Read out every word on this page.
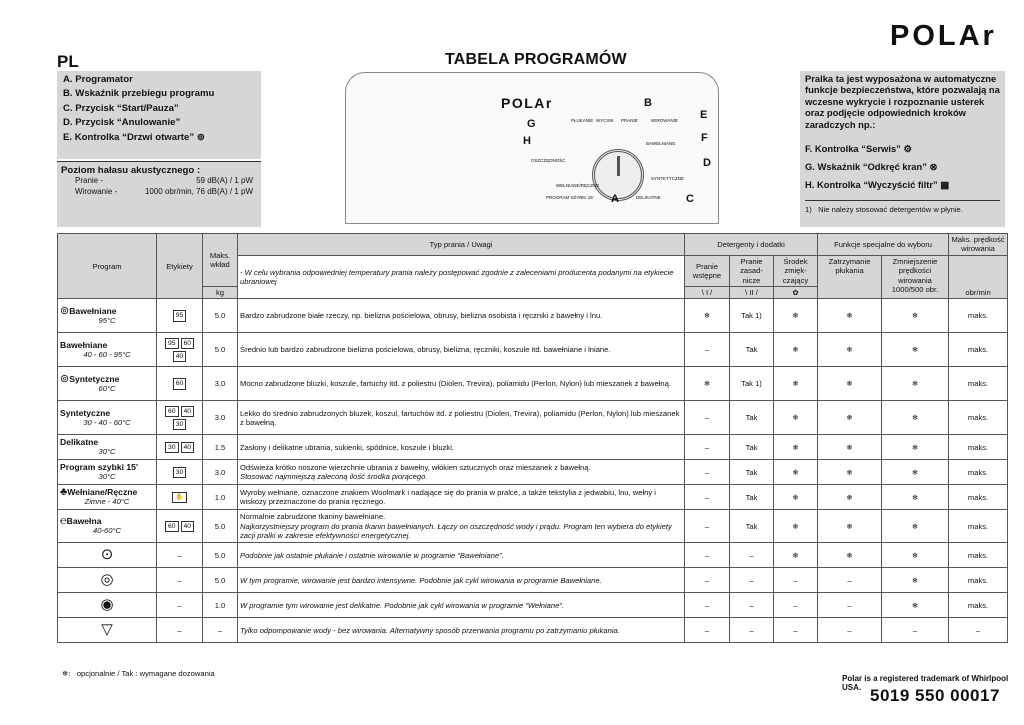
PL	TABELA PROGRAMÓW
POLAr
A. Programator
B. Wskaźnik przebiegu programu
C. Przycisk “Start/Pauza”
D. Przycisk “Anulowanie”
E. Kontrolka “Drzwi otwarte” ⊚
Poziom hałasu akustycznego :
Pranie -	59 dB(A) / 1 pW
Wirowanie -	1000 obr/min, 76 dB(A) / 1 pW
POLAr
G
B
E
F
H
D
A	C
PŁUKANIE WYCISK PRANIE	WIROWANIE
BAWEŁNIANE
SYNTETYCZNE
DELIKATNE
PROGRAM SZYBKI 15'
WEŁNIANE/RĘCZNE
OSZCZĘDNOŚĆ
Pralka ta jest wyposażona w automatyczne funkcje bezpieczeństwa, które pozwalają na wczesne wykrycie i rozpoznanie usterek oraz podjęcie odpowiednich kroków zaradczych np.:
F. Kontrolka “Serwis” ⚙
G. Wskaźnik “Odkręć kran” ⊗
H. Kontrolka “Wyczyścić filtr” ▩
1) Nie należy stosować detergentów w płynie.
Program	Etykiety	Maks. wkład	Typ prania / Uwagi	Detergenty i dodatki			Funkcje specjalne do wyboru		Maks. prędkość wirowania
			- W celu wybrania odpowiedniej temperatury prania należy postępować zgodnie z zaleceniami producenta podanymi na etykiecie ubraniowej	Pranie wstępne	Pranie zasad- nicze	Środek zmięk- czający	Zatrzymanie płukania	Zmniejszenie prędkości wirowania 1000/500 obr.	obr/min
		kg		\ I /	\ II /	✿			
⊚Bawełniane
95°C	95	5.0	Bardzo zabrudzone białe rzeczy, np. bielizna pościelowa, obrusy, bielizna osobista i ręczniki z bawełny i lnu.	❄	Tak 1)	❄	❄	❄	maks.
Bawełniane
40 - 60 - 95°C	95 6040	5.0	Średnio lub bardzo zabrudzone bielizna pościelowa, obrusy, bielizna, ręczniki, koszule itd. bawełniane i lniane.	–	Tak	❄	❄	❄	maks.
⊚Syntetyczne
60°C	60	3.0	Mocno zabrudzone bluzki, koszule, fartuchy itd. z poliestru (Diolen, Trevira), poliamidu (Perlon, Nylon) lub mieszanek z bawełną.	❄	Tak 1)	❄	❄	❄	maks.
Syntetyczne
30 - 40 - 60°C	60 4030	3.0	Lekko do średnio zabrudzonych bluzek, koszul, fartuchów itd. z poliestru (Diolen, Trevira), poliamidu (Perlon, Nylon) lub mieszanek z bawełną.	–	Tak	❄	❄	❄	maks.
Delikatne
30°C	30 40	1.5	Zasłony i delikatne ubrania, sukienki, spódnice, koszule i bluzki.	–	Tak	❄	❄	❄	maks.
Program szybki 15'
30°C	30	3.0	Odświeża krótko noszone wierzchnie ubrania z bawełny, włókien sztucznych oraz mieszanek z bawełną.
Stosować najmniejszą zaleconą ilość środka piorącego.	–	Tak	❄	❄	❄	maks.
♣Wełniane/Ręczne
Zimne - 40°C	✋	1.0	Wyroby wełniane, oznaczone znakiem Woolmark i nadające się do prania w pralce, a także tekstylia z jedwabiu, lnu, wełny i wiskozy przeznaczone do prania ręcznego.	–	Tak	❄	❄	❄	maks.
℮Bawełna
40-60°C	60 40	5.0	Normalnie zabrudzone tkaniny bawełniane.
Najkorzystniejszy program do prania tkanin bawełnianych. Łączy on oszczędność wody i prądu. Program ten wybiera do etykiety zacji pralki w zakresie efektywności energetycznej.	–	Tak	❄	❄	❄	maks.
⊙	–	5.0	Podobnie jak ostatnie płukanie i ostatnie wirowanie w programie “Bawełniane”.	–	–	❄	❄	❄	maks.
◎	–	5.0	W tym programie, wirowanie jest bardzo intensywne. Podobnie jak cykl wirowania w programie Bawełniane.	–	–	–	–	❄	maks.
◉	–	1.0	W programie tym wirowanie jest delikatne. Podobnie jak cykl wirowania w programie “Wełniane”.	–	–	–	–	❄	maks.
▽	–	–	Tylko odpompowanie wody - bez wirowania. Alternatywny sposób przerwania programu po zatrzymaniu płukania.	–	–	–	–	–	–
❄: opcjonalnie / Tak : wymagane dozowania
Polar is a registered trademark of Whirlpool USA. 5019 550 00017
